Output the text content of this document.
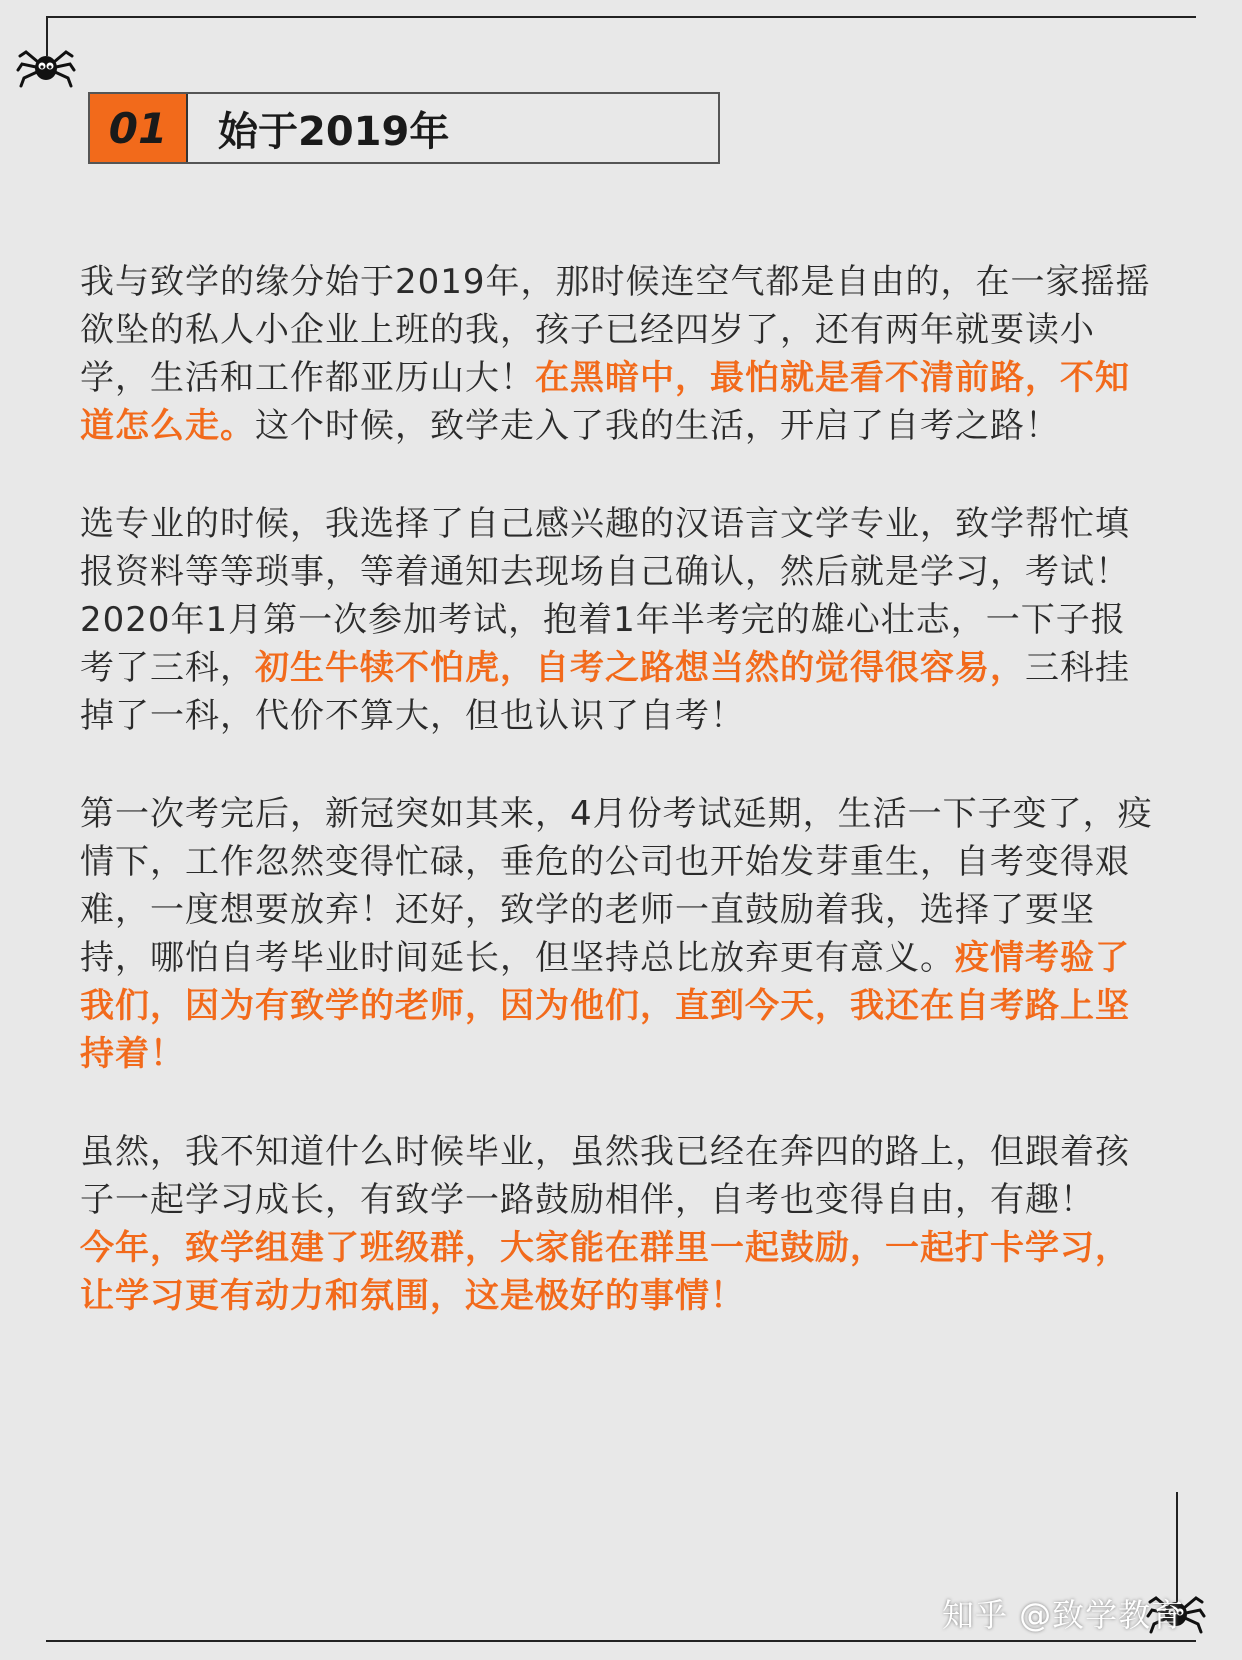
01	始于2019年

我与致学的缘分始于2019年，那时候连空气都是自由的，在一家摇摇欲坠的私人小企业上班的我，孩子已经四岁了，还有两年就要读小学，生活和工作都亚历山大！在黑暗中，最怕就是看不清前路，不知道怎么走。这个时候，致学走入了我的生活，开启了自考之路！

选专业的时候，我选择了自己感兴趣的汉语言文学专业，致学帮忙填报资料等等琐事，等着通知去现场自己确认，然后就是学习，考试！

2020年1月第一次参加考试，抱着1年半考完的雄心壮志，一下子报考了三科，初生牛犊不怕虎，自考之路想当然的觉得很容易，三科挂掉了一科，代价不算大，但也认识了自考！

第一次考完后，新冠突如其来，4月份考试延期，生活一下子变了，疫情下，工作忽然变得忙碌，垂危的公司也开始发芽重生，自考变得艰难，一度想要放弃！还好，致学的老师一直鼓励着我，选择了要坚持，哪怕自考毕业时间延长，但坚持总比放弃更有意义。疫情考验了我们，因为有致学的老师，因为他们，直到今天，我还在自考路上坚持着！

虽然，我不知道什么时候毕业，虽然我已经在奔四的路上，但跟着孩子一起学习成长，有致学一路鼓励相伴，自考也变得自由，有趣！

今年，致学组建了班级群，大家能在群里一起鼓励，一起打卡学习，让学习更有动力和氛围，这是极好的事情！

知乎 @致学教育
